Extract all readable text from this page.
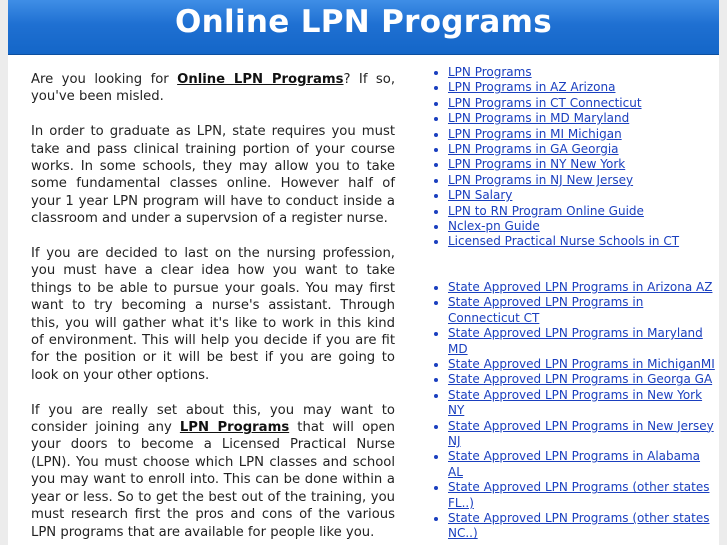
Online LPN Programs

Are you looking for Online LPN Programs? If so, you've been misled.

In order to graduate as LPN, state requires you must take and pass clinical training portion of your course works. In some schools, they may allow you to take some fundamental classes online. However half of your 1 year LPN program will have to conduct inside a classroom and under a supervsion of a register nurse.

If you are decided to last on the nursing profession, you must have a clear idea how you want to take things to be able to pursue your goals. You may first want to try becoming a nurse's assistant. Through this, you will gather what it's like to work in this kind of environment. This will help you decide if you are fit for the position or it will be best if you are going to look on your other options.

If you are really set about this, you may want to consider joining any LPN Programs that will open your doors to become a Licensed Practical Nurse (LPN). You must choose which LPN classes and school you may want to enroll into. This can be done within a year or less. So to get the best out of the training, you must research first the pros and cons of the various LPN programs that are available for people like you.

• LPN Programs
• LPN Programs in AZ Arizona
• LPN Programs in CT Connecticut
• LPN Programs in MD Maryland
• LPN Programs in MI Michigan
• LPN Programs in GA Georgia
• LPN Programs in NY New York
• LPN Programs in NJ New Jersey
• LPN Salary
• LPN to RN Program Online Guide
• Nclex-pn Guide
• Licensed Practical Nurse Schools in CT
• State Approved LPN Programs in Arizona AZ
• State Approved LPN Programs in Connecticut CT
• State Approved LPN Programs in Maryland MD
• State Approved LPN Programs in MichiganMI
• State Approved LPN Programs in Georga GA
• State Approved LPN Programs in New York NY
• State Approved LPN Programs in New Jersey NJ
• State Approved LPN Programs in Alabama AL
• State Approved LPN Programs (other states FL..)
• State Approved LPN Programs (other states NC..)
